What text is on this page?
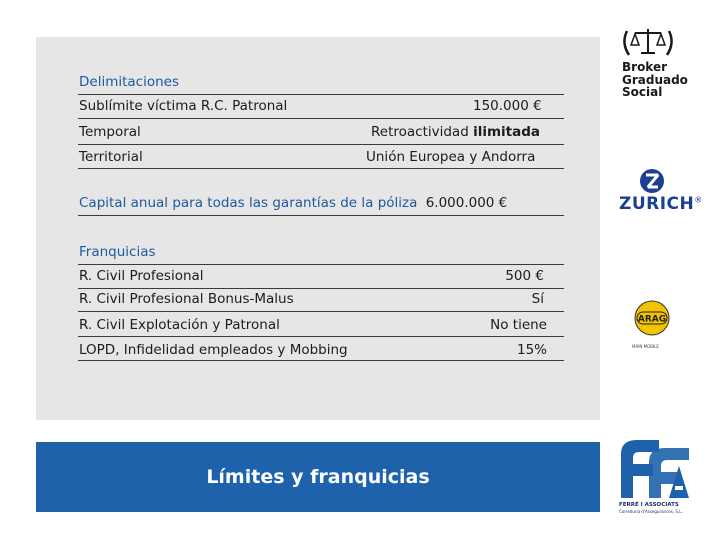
Delimitaciones
Sublímite víctima R.C. Patronal	150.000 €
Temporal	Retroactividad ilimitada
Territorial	Unión Europea y Andorra
Capital anual para todas las garantías de la póliza 6.000.000 €
Franquicias
R. Civil Profesional	500 €
R. Civil Profesional Bonus-Malus	Sí
R. Civil Explotación y Patronal	No tiene
LOPD, Infidelidad empleados y Mobbing	15%
Límites y franquicias
Broker
Graduado
Social
ZURICH®
ARAG
MAIN MOBILE
FERRÉ I ASSOCIATS
Correduria d'Assegurances, S.L.
